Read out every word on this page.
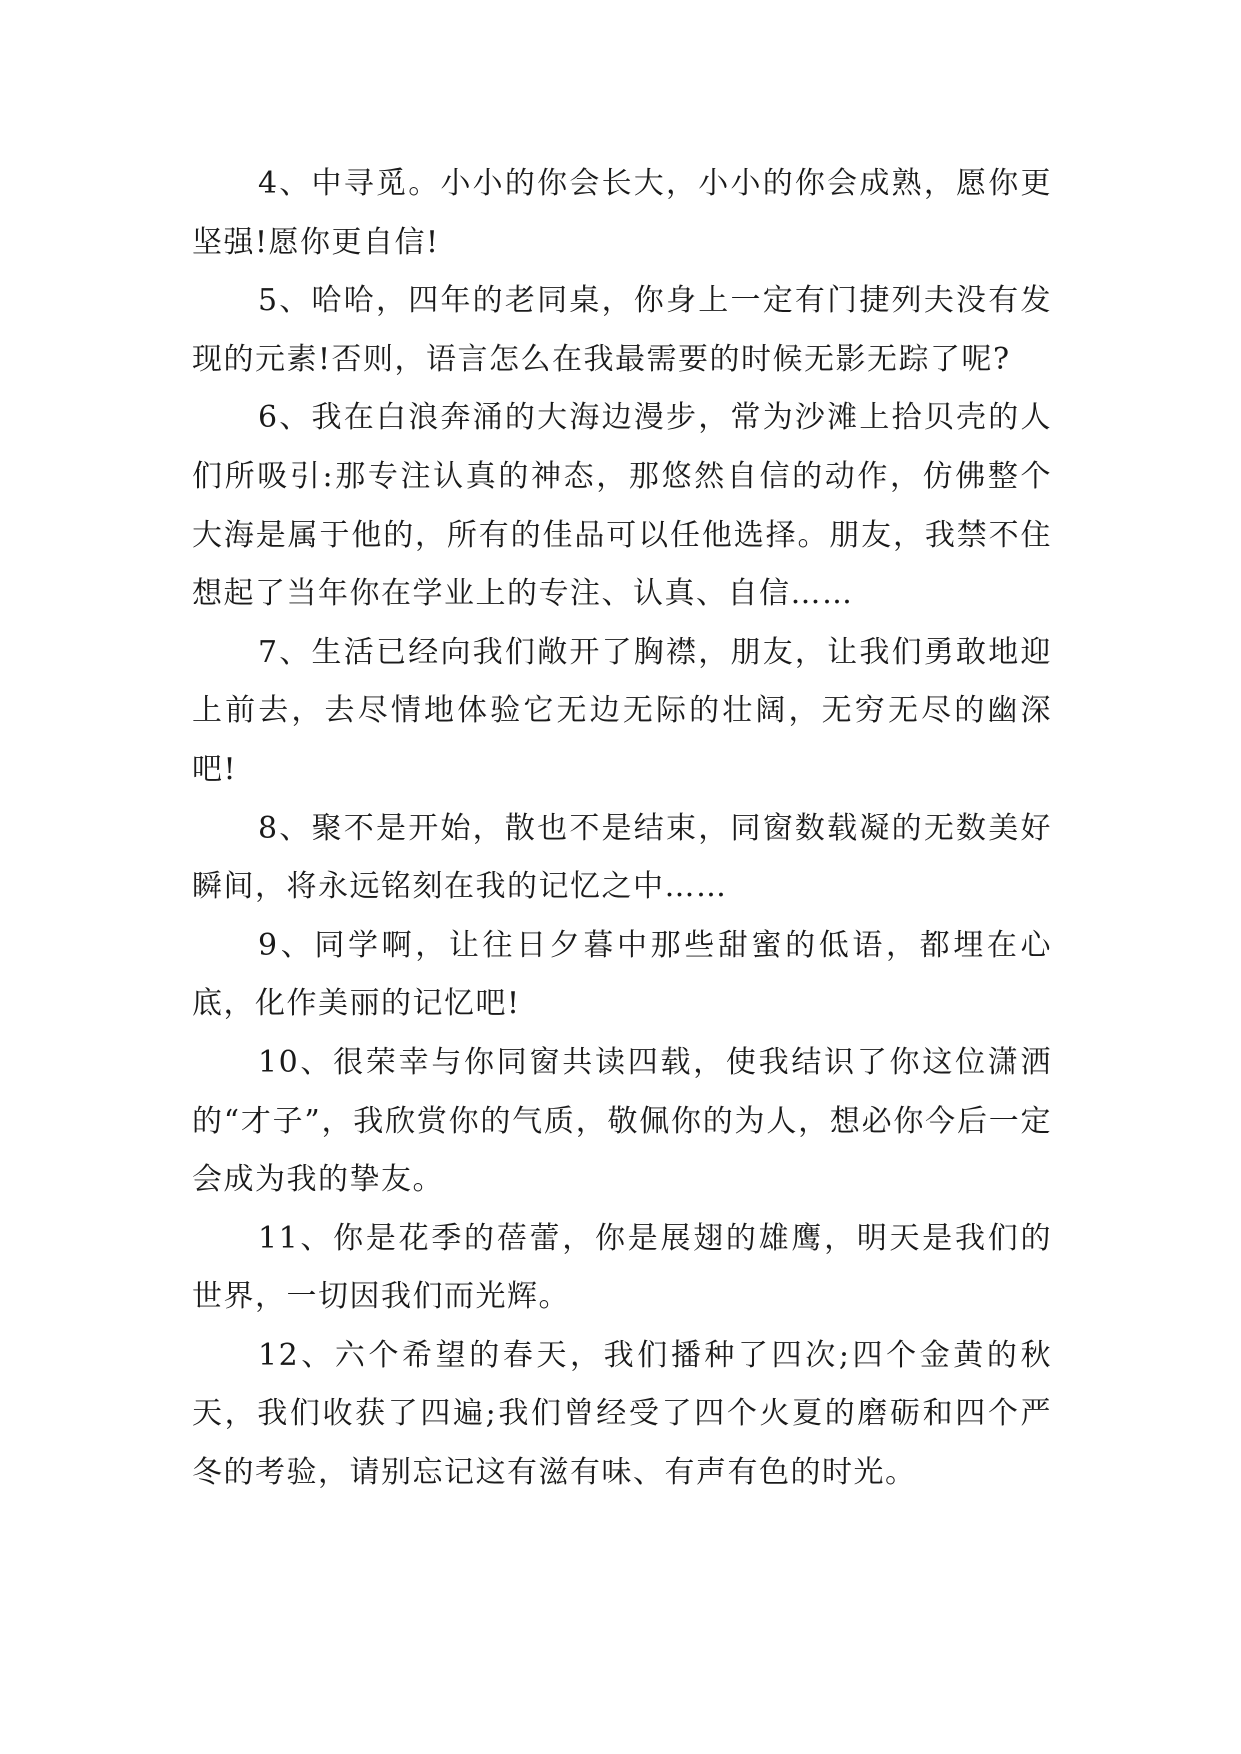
4、中寻觅。小小的你会长大，小小的你会成熟，愿你更坚强!愿你更自信!

5、哈哈，四年的老同桌，你身上一定有门捷列夫没有发现的元素!否则，语言怎么在我最需要的时候无影无踪了呢?

6、我在白浪奔涌的大海边漫步，常为沙滩上拾贝壳的人们所吸引:那专注认真的神态，那悠然自信的动作，仿佛整个大海是属于他的，所有的佳品可以任他选择。朋友，我禁不住想起了当年你在学业上的专注、认真、自信……

7、生活已经向我们敞开了胸襟，朋友，让我们勇敢地迎上前去，去尽情地体验它无边无际的壮阔，无穷无尽的幽深吧!

8、聚不是开始，散也不是结束，同窗数载凝的无数美好瞬间，将永远铭刻在我的记忆之中……

9、同学啊，让往日夕暮中那些甜蜜的低语，都埋在心底，化作美丽的记忆吧!

10、很荣幸与你同窗共读四载，使我结识了你这位潇洒的“才子”，我欣赏你的气质，敬佩你的为人，想必你今后一定会成为我的挚友。

11、你是花季的蓓蕾，你是展翅的雄鹰，明天是我们的世界，一切因我们而光辉。

12、六个希望的春天，我们播种了四次;四个金黄的秋天，我们收获了四遍;我们曾经受了四个火夏的磨砺和四个严冬的考验，请别忘记这有滋有味、有声有色的时光。
